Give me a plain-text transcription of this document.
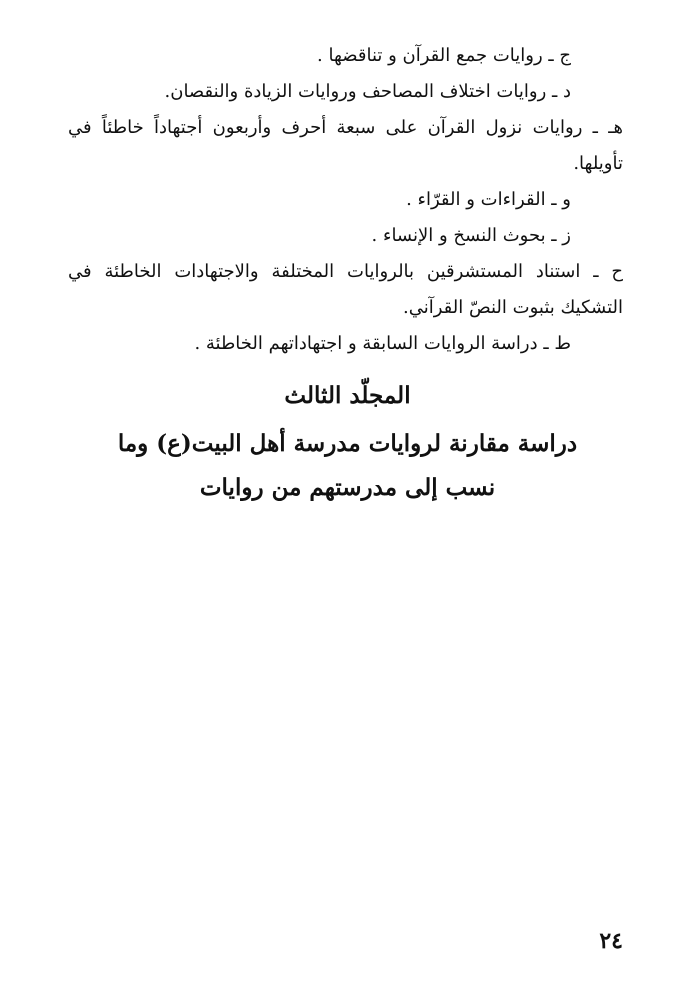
ج ـ روايات جمع القرآن و تناقضها .
د ـ روايات اختلاف المصاحف وروايات الزيادة والنقصان.
هـ ـ روايات نزول القرآن على سبعة أحرف وأربعون أجتهاداً خاطئاً في تأويلها.
و ـ القراءات و القرّاء .
ز ـ بحوث النسخ و الإنساء .
ح ـ استناد المستشرقين بالروايات المختلفة والاجتهادات الخاطئة في التشكيك بثبوت النصّ القرآني.
ط ـ دراسة الروايات السابقة و اجتهاداتهم الخاطئة .

المجلّد الثالث

دراسة مقارنة لروايات مدرسة أهل البيت(ع) وما نسب إلى مدرستهم من روايات

٢٤
